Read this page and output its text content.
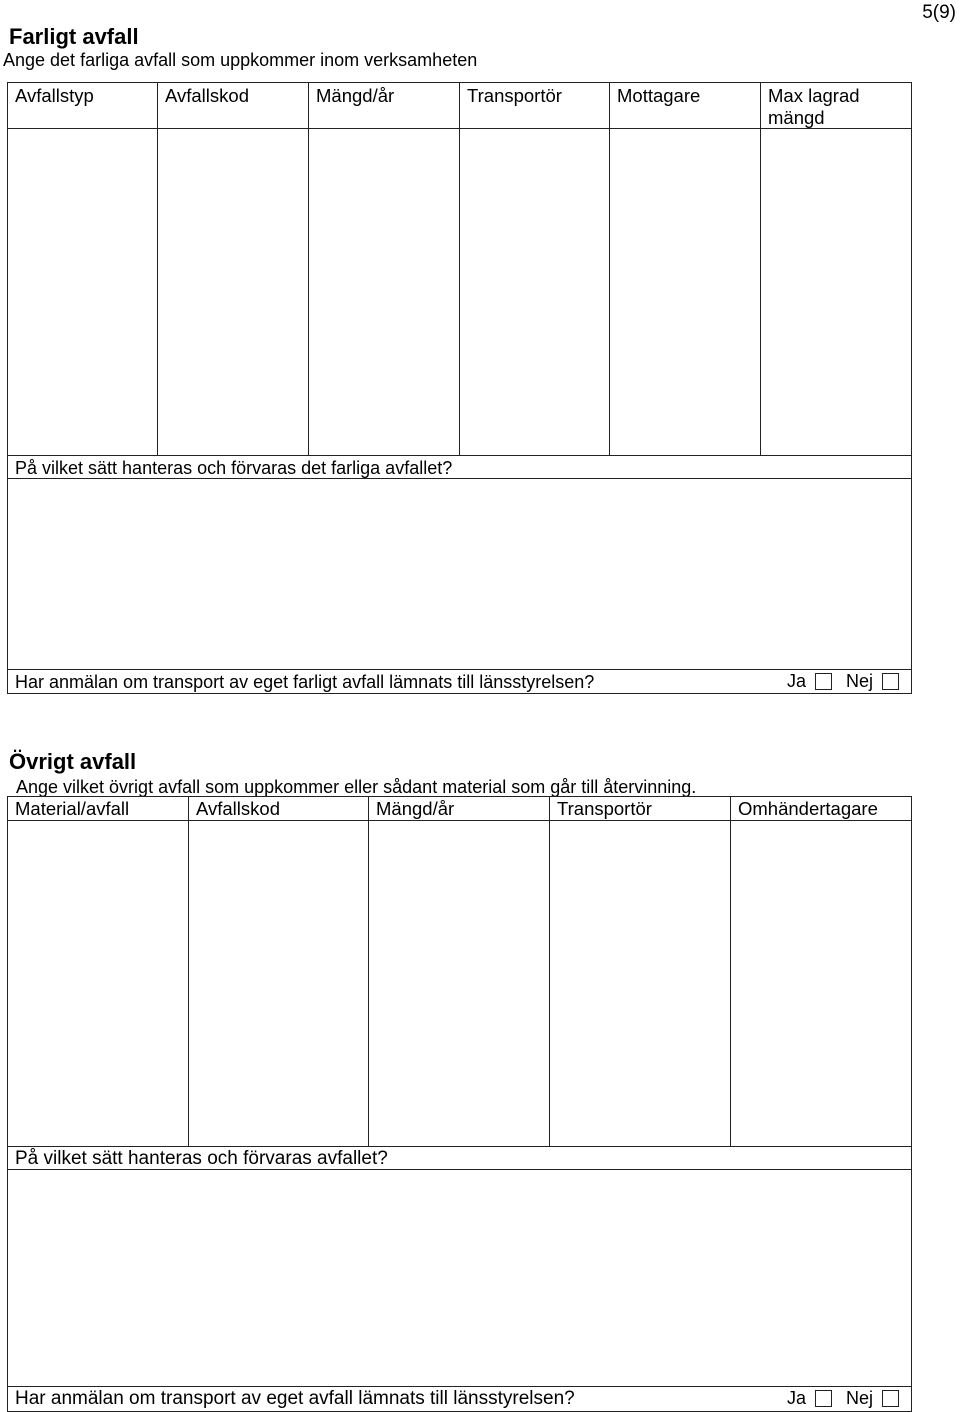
5(9)
Farligt avfall
Ange det farliga avfall som uppkommer inom verksamheten
Avfallstyp	Avfallskod	Mängd/år	Transportör	Mottagare	Max lagrad mängd
På vilket sätt hanteras och förvaras det farliga avfallet?
Har anmälan om transport av eget farligt avfall lämnats till länsstyrelsen?	Ja Nej
Övrigt avfall
Ange vilket övrigt avfall som uppkommer eller sådant material som går till återvinning.
Material/avfall	Avfallskod	Mängd/år	Transportör	Omhändertagare
På vilket sätt hanteras och förvaras avfallet?
Har anmälan om transport av eget avfall lämnats till länsstyrelsen?	Ja Nej
